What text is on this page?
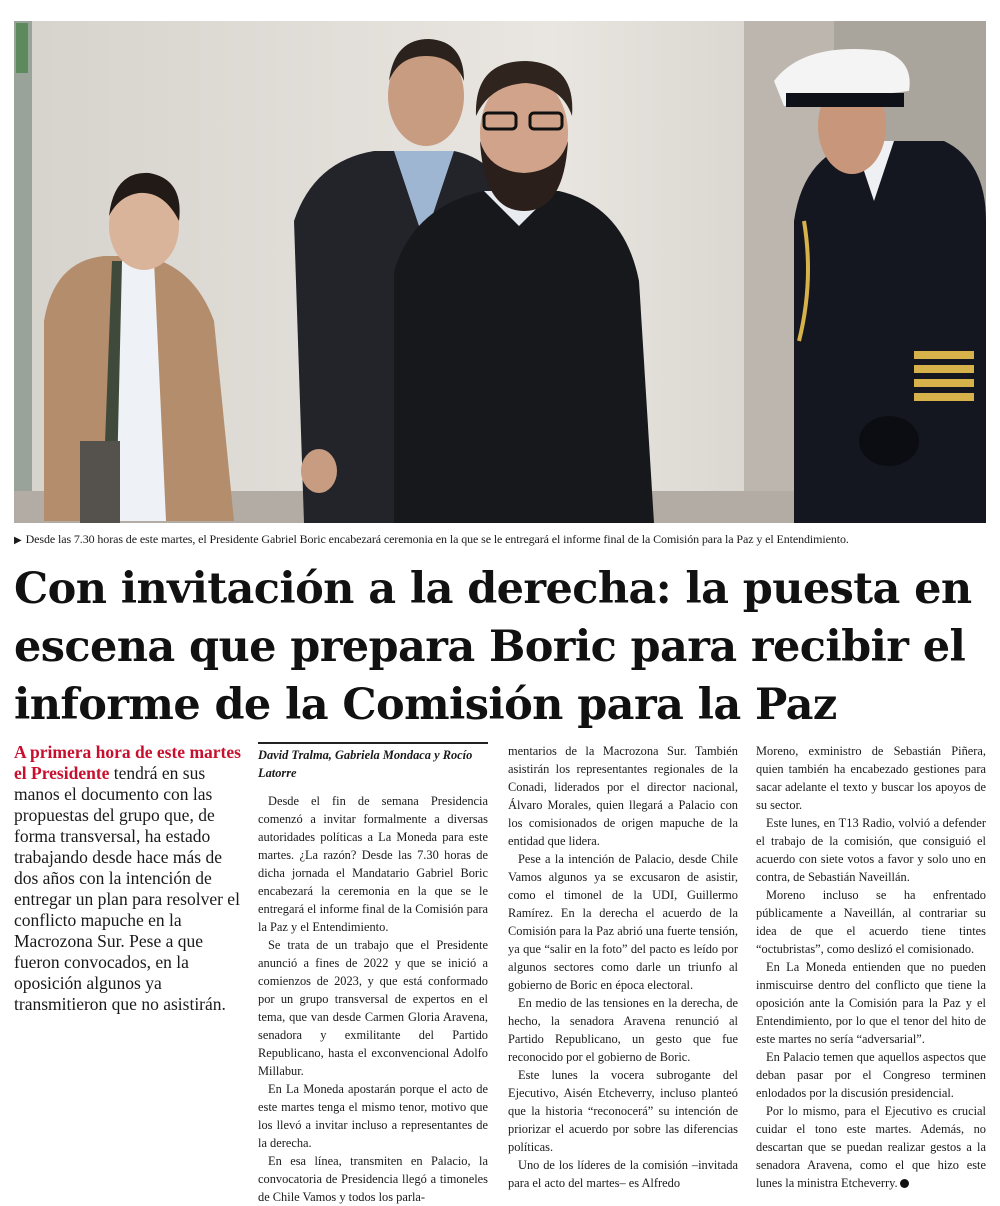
▶ Desde las 7.30 horas de este martes, el Presidente Gabriel Boric encabezará ceremonia en la que se le entregará el informe final de la Comisión para la Paz y el Entendimiento.
Con invitación a la derecha: la puesta en escena que prepara Boric para recibir el informe de la Comisión para la Paz
A primera hora de este martes el Presidente tendrá en sus manos el documento con las propuestas del grupo que, de forma transversal, ha estado trabajando desde hace más de dos años con la intención de entregar un plan para resolver el conflicto mapuche en la Macrozona Sur. Pese a que fueron convocados, en la oposición algunos ya transmitieron que no asistirán.
David Tralma, Gabriela Mondaca y Rocío Latorre

Desde el fin de semana Presidencia comenzó a invitar formalmente a diversas autoridades políticas a La Moneda para este martes. ¿La razón? Desde las 7.30 horas de dicha jornada el Mandatario Gabriel Boric encabezará la ceremonia en la que se le entregará el informe final de la Comisión para la Paz y el Entendimiento.

Se trata de un trabajo que el Presidente anunció a fines de 2022 y que se inició a comienzos de 2023, y que está conformado por un grupo transversal de expertos en el tema, que van desde Carmen Gloria Aravena, senadora y exmilitante del Partido Republicano, hasta el exconvencional Adolfo Millabur.

En La Moneda apostarán porque el acto de este martes tenga el mismo tenor, motivo que los llevó a invitar incluso a representantes de la derecha.

En esa línea, transmiten en Palacio, la convocatoria de Presidencia llegó a timoneles de Chile Vamos y todos los parla-

mentarios de la Macrozona Sur. También asistirán los representantes regionales de la Conadi, liderados por el director nacional, Álvaro Morales, quien llegará a Palacio con los comisionados de origen mapuche de la entidad que lidera.

Pese a la intención de Palacio, desde Chile Vamos algunos ya se excusaron de asistir, como el timonel de la UDI, Guillermo Ramírez. En la derecha el acuerdo de la Comisión para la Paz abrió una fuerte tensión, ya que “salir en la foto” del pacto es leído por algunos sectores como darle un triunfo al gobierno de Boric en época electoral.

En medio de las tensiones en la derecha, de hecho, la senadora Aravena renunció al Partido Republicano, un gesto que fue reconocido por el gobierno de Boric.

Este lunes la vocera subrogante del Ejecutivo, Aisén Etcheverry, incluso planteó que la historia “reconocerá” su intención de priorizar el acuerdo por sobre las diferencias políticas.

Uno de los líderes de la comisión –invitada para el acto del martes– es Alfredo

Moreno, exministro de Sebastián Piñera, quien también ha encabezado gestiones para sacar adelante el texto y buscar los apoyos de su sector.

Este lunes, en T13 Radio, volvió a defender el trabajo de la comisión, que consiguió el acuerdo con siete votos a favor y solo uno en contra, de Sebastián Naveillán.

Moreno incluso se ha enfrentado públicamente a Naveillán, al contrariar su idea de que el acuerdo tiene tintes “octubristas”, como deslizó el comisionado.

En La Moneda entienden que no pueden inmiscuirse dentro del conflicto que tiene la oposición ante la Comisión para la Paz y el Entendimiento, por lo que el tenor del hito de este martes no sería “adversarial”.

En Palacio temen que aquellos aspectos que deban pasar por el Congreso terminen enlodados por la discusión presidencial.

Por lo mismo, para el Ejecutivo es crucial cuidar el tono este martes. Además, no descartan que se puedan realizar gestos a la senadora Aravena, como el que hizo este lunes la ministra Etcheverry.
